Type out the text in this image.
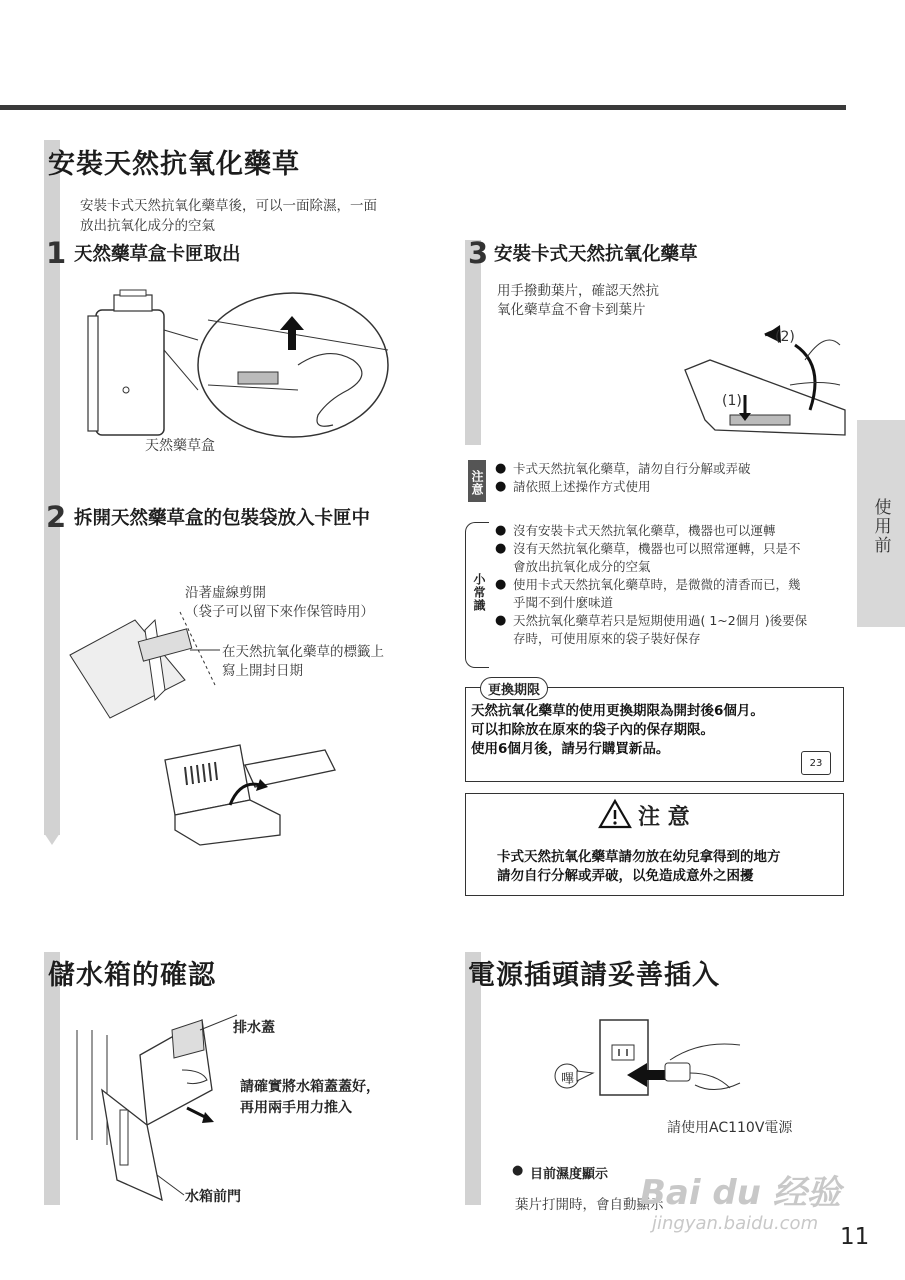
使用前
安裝天然抗氧化藥草
安裝卡式天然抗氧化藥草後，可以一面除濕，一面
放出抗氧化成分的空氣
1 天然藥草盒卡匣取出
天然藥草盒
2 拆開天然藥草盒的包裝袋放入卡匣中
沿著虛線剪開
（袋子可以留下來作保管時用）
在天然抗氧化藥草的標籤上
寫上開封日期
3 安裝卡式天然抗氧化藥草
用手撥動葉片，確認天然抗
氧化藥草盒不會卡到葉片
(2)
(1)
注意
● 卡式天然抗氧化藥草，請勿自行分解或弄破
● 請依照上述操作方式使用
小常識
● 沒有安裝卡式天然抗氧化藥草，機器也可以運轉
● 沒有天然抗氧化藥草，機器也可以照常運轉，只是不
會放出抗氧化成分的空氣
● 使用卡式天然抗氧化藥草時，是微微的清香而已，幾
乎聞不到什麼味道
● 天然抗氧化藥草若只是短期使用過( 1~2個月 )後要保
存時，可使用原來的袋子裝好保存
更換期限
天然抗氧化藥草的使用更換期限為開封後6個月。
可以扣除放在原來的袋子內的保存期限。
使用6個月後，請另行購買新品。
23
注 意
卡式天然抗氧化藥草請勿放在幼兒拿得到的地方
請勿自行分解或弄破，以免造成意外之困擾
儲水箱的確認
排水蓋
請確實將水箱蓋蓋好，
再用兩手用力推入
水箱前門
電源插頭請妥善插入
嗶
請使用AC110V電源
● 目前濕度顯示
葉片打開時，會自動顯示
Bai du 经验
jingyan.baidu.com
11
